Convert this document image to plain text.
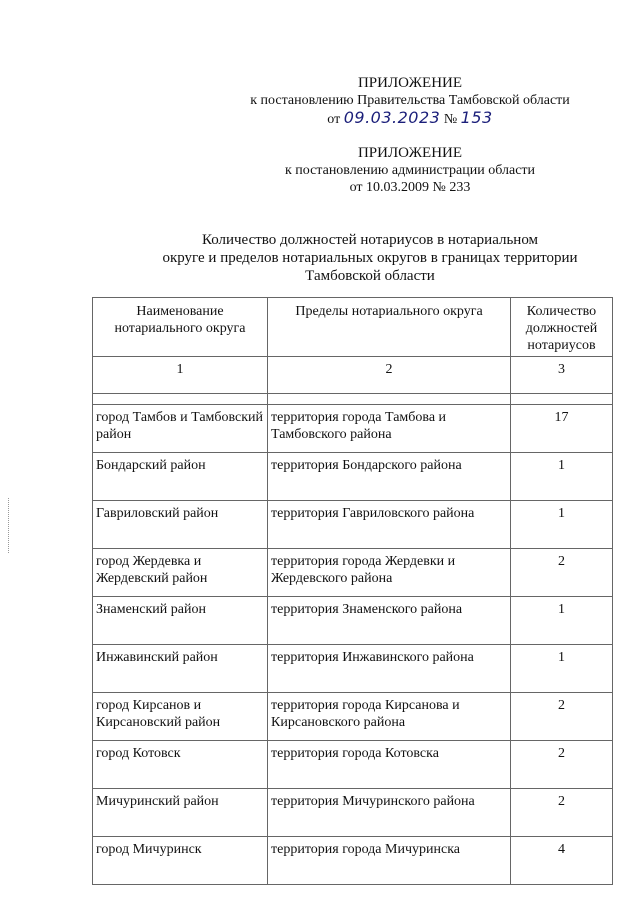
ПРИЛОЖЕНИЕ
к постановлению Правительства Тамбовской области
от 09.03.2023 № 153
ПРИЛОЖЕНИЕ
к постановлению администрации области
от 10.03.2009 № 233
Количество должностей нотариусов в нотариальном
округе и пределов нотариальных округов в границах территории
Тамбовской области
Наименование нотариального округа	Пределы нотариального округа	Количество должностей нотариусов
1	2	3

город Тамбов и Тамбовский район	территория города Тамбова и Тамбовского района	17
Бондарский район	территория Бондарского района	1
Гавриловский район	территория Гавриловского района	1
город Жердевка и Жердевский район	территория города Жердевки и Жердевского района	2
Знаменский район	территория Знаменского района	1
Инжавинский район	территория Инжавинского района	1
город Кирсанов и Кирсановский район	территория города Кирсанова и Кирсановского района	2
город Котовск	территория города Котовска	2
Мичуринский район	территория Мичуринского района	2
город Мичуринск	территория города Мичуринска	4
